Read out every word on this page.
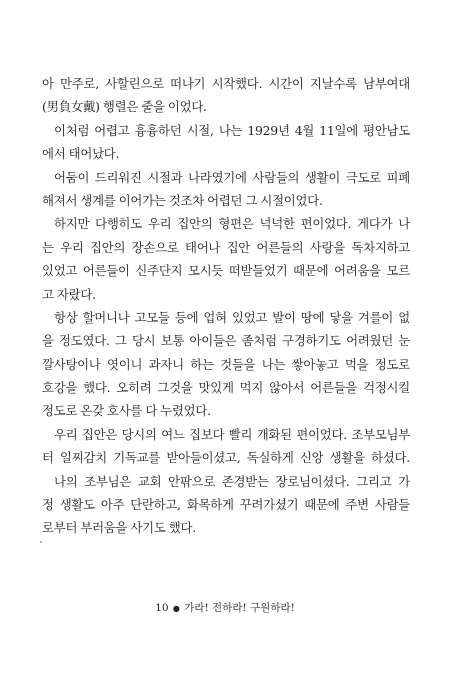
아 만주로, 사할린으로 떠나기 시작했다. 시간이 지날수록 남부여대
(男負女戴) 행렬은 줄을 이었다.
이처럼 어렵고 흉흉하던 시절, 나는 1929년 4월 11일에 평안남도
에서 태어났다.
어둠이 드리워진 시절과 나라였기에 사람들의 생활이 극도로 피폐
해져서 생계를 이어가는 것조차 어렵던 그 시절이었다.
하지만 다행히도 우리 집안의 형편은 넉넉한 편이었다. 게다가 나
는 우리 집안의 장손으로 태어나 집안 어른들의 사랑을 독차지하고
있었고 어른들이 신주단지 모시듯 떠받들었기 때문에 어려움을 모르
고 자랐다.
항상 할머니나 고모들 등에 업혀 있었고 발이 땅에 닿을 겨를이 없
을 정도였다. 그 당시 보통 아이들은 좀처럼 구경하기도 어려웠던 눈
깔사탕이나 엿이니 과자니 하는 것들을 나는 쌓아놓고 먹을 정도로
호강을 했다. 오히려 그것을 맛있게 먹지 않아서 어른들을 걱정시킬
정도로 온갖 호사를 다 누렸었다.
우리 집안은 당시의 여느 집보다 빨리 개화된 편이었다. 조부모님부
터 일찌감치 기독교를 받아들이셨고, 독실하게 신앙 생활을 하셨다.
나의 조부님은 교회 안팎으로 존경받는 장로님이셨다. 그리고 가
정 생활도 아주 단란하고, 화목하게 꾸려가셨기 때문에 주변 사람들
로부터 부러움을 사기도 했다.
10 ● 가라! 전하라! 구원하라!
